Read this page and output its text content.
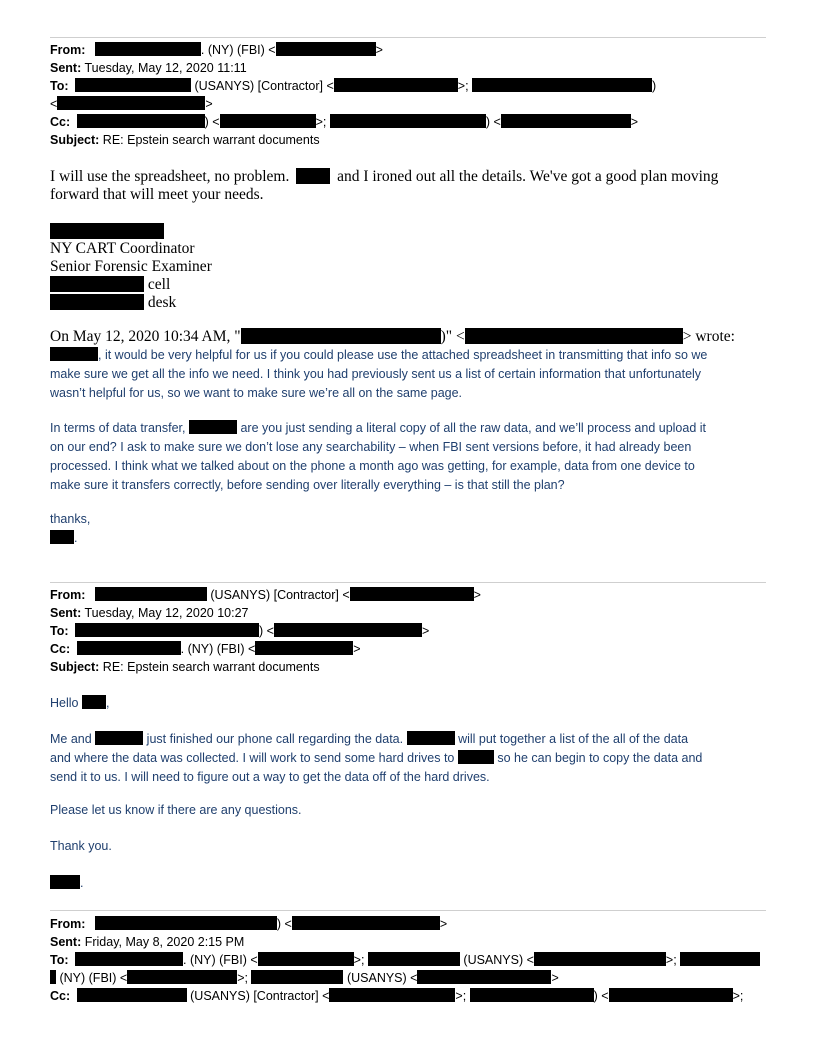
From:	. (NY) (FBI) <	>
Sent: Tuesday, May 12, 2020 11:11
To:	(USANYS) [Contractor] <	>;	)
<	>
Cc:	) <	>;	) <	>
Subject: RE: Epstein search warrant documents
I will use the spreadsheet, no problem.	and I ironed out all the details. We've got a good plan moving
forward that will meet your needs.
NY CART Coordinator
Senior Forensic Examiner
cell
desk
On May 12, 2020 10:34 AM, "	)" <	> wrote:
, it would be very helpful for us if you could please use the attached spreadsheet in transmitting that info so we
make sure we get all the info we need. I think you had previously sent us a list of certain information that unfortunately
wasn’t helpful for us, so we want to make sure we’re all on the same page.
In terms of data transfer,	are you just sending a literal copy of all the raw data, and we’ll process and upload it
on our end? I ask to make sure we don’t lose any searchability – when FBI sent versions before, it had already been
processed. I think what we talked about on the phone a month ago was getting, for example, data from one device to
make sure it transfers correctly, before sending over literally everything – is that still the plan?
thanks,
.
From:	(USANYS) [Contractor] <	>
Sent: Tuesday, May 12, 2020 10:27
To:	) <	>
Cc:	. (NY) (FBI) <	>
Subject: RE: Epstein search warrant documents
Hello ,
Me and	just finished our phone call regarding the data.	will put together a list of the all of the data
and where the data was collected. I will work to send some hard drives to	so he can begin to copy the data and
send it to us. I will need to figure out a way to get the data off of the hard drives.
Please let us know if there are any questions.
Thank you.
.
From:	) <	>
Sent: Friday, May 8, 2020 2:15 PM
To:	. (NY) (FBI) <	>;	(USANYS) <	>;
(NY) (FBI) <	>;	(USANYS) <	>
Cc:	(USANYS) [Contractor] <	>;	) <	>;
